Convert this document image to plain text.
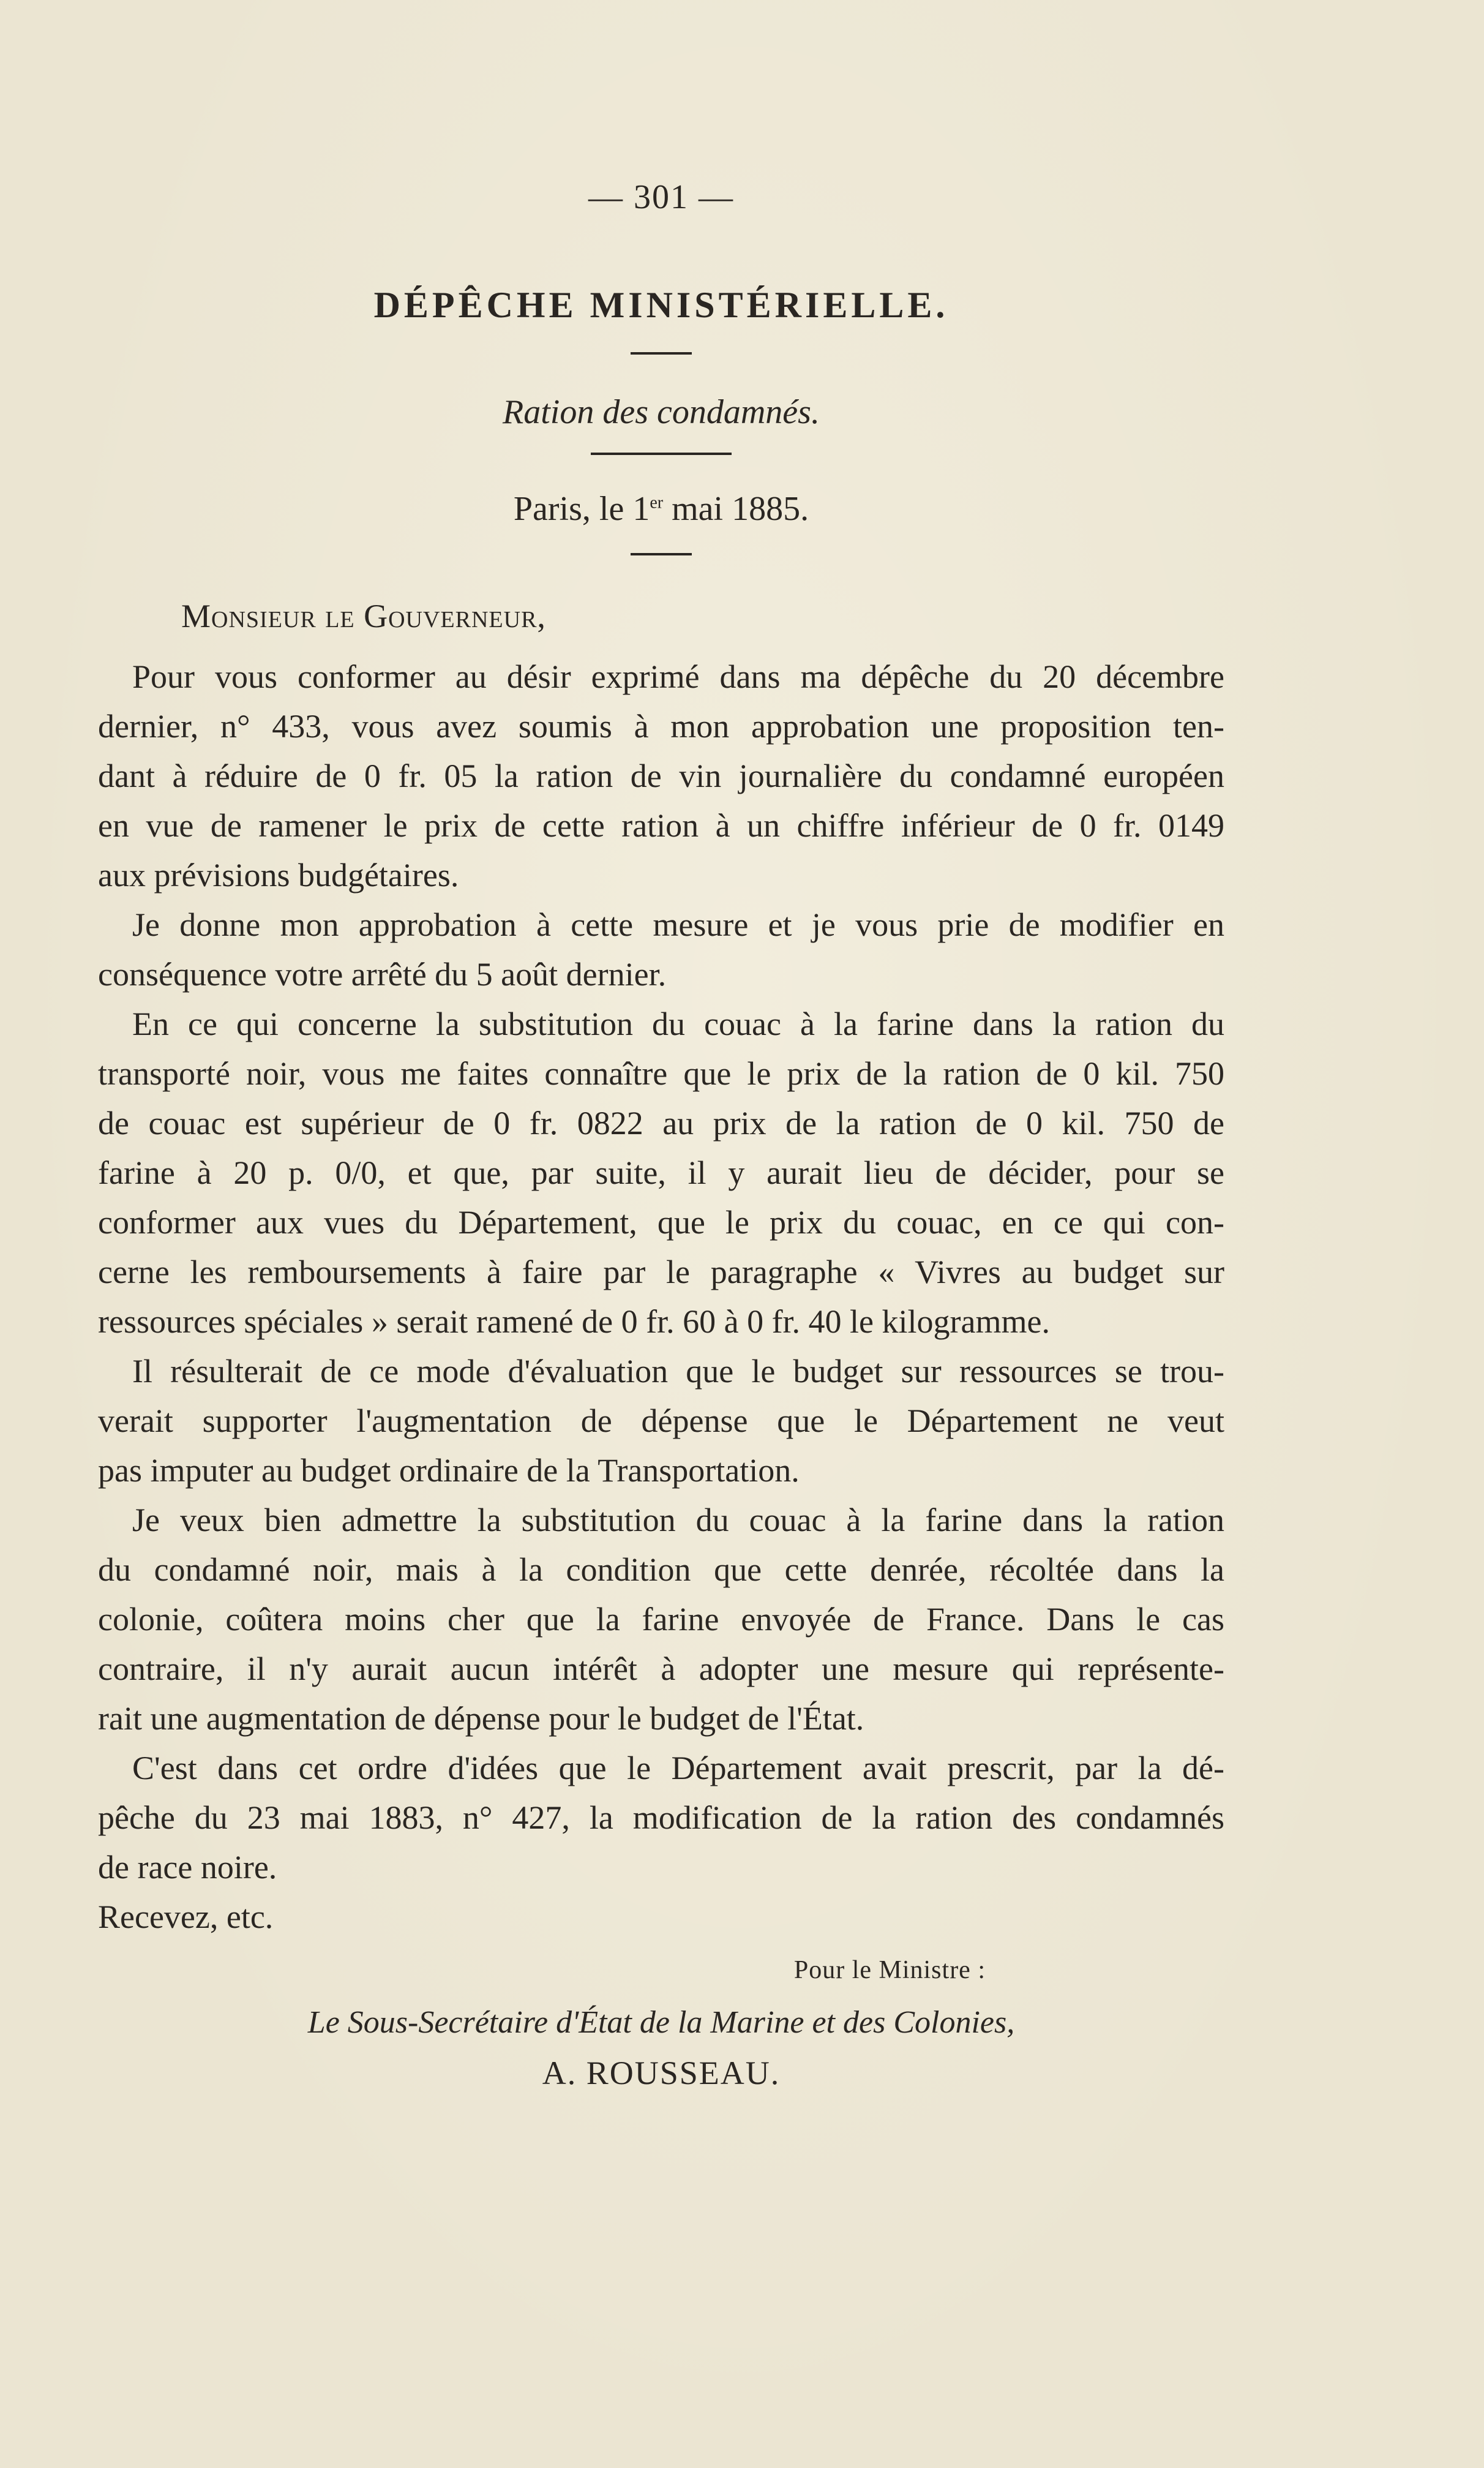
— 301 —

DÉPÊCHE MINISTÉRIELLE.

Ration des condamnés.

Paris, le 1er mai 1885.

Monsieur le Gouverneur,

Pour vous conformer au désir exprimé dans ma dépêche du 20 décembre
dernier, n° 433, vous avez soumis à mon approbation une proposition ten-
dant à réduire de 0 fr. 05 la ration de vin journalière du condamné européen
en vue de ramener le prix de cette ration à un chiffre inférieur de 0 fr. 0149
aux prévisions budgétaires.

Je donne mon approbation à cette mesure et je vous prie de modifier en
conséquence votre arrêté du 5 août dernier.

En ce qui concerne la substitution du couac à la farine dans la ration du
transporté noir, vous me faites connaître que le prix de la ration de 0 kil. 750
de couac est supérieur de 0 fr. 0822 au prix de la ration de 0 kil. 750 de
farine à 20 p. 0/0, et que, par suite, il y aurait lieu de décider, pour se
conformer aux vues du Département, que le prix du couac, en ce qui con-
cerne les remboursements à faire par le paragraphe « Vivres au budget sur
ressources spéciales » serait ramené de 0 fr. 60 à 0 fr. 40 le kilogramme.

Il résulterait de ce mode d'évaluation que le budget sur ressources se trou-
verait supporter l'augmentation de dépense que le Département ne veut
pas imputer au budget ordinaire de la Transportation.

Je veux bien admettre la substitution du couac à la farine dans la ration
du condamné noir, mais à la condition que cette denrée, récoltée dans la
colonie, coûtera moins cher que la farine envoyée de France. Dans le cas
contraire, il n'y aurait aucun intérêt à adopter une mesure qui représente-
rait une augmentation de dépense pour le budget de l'État.

C'est dans cet ordre d'idées que le Département avait prescrit, par la dé-
pêche du 23 mai 1883, n° 427, la modification de la ration des condamnés
de race noire.

Recevez, etc.

Pour le Ministre :

Le Sous-Secrétaire d'État de la Marine et des Colonies,

A. ROUSSEAU.
